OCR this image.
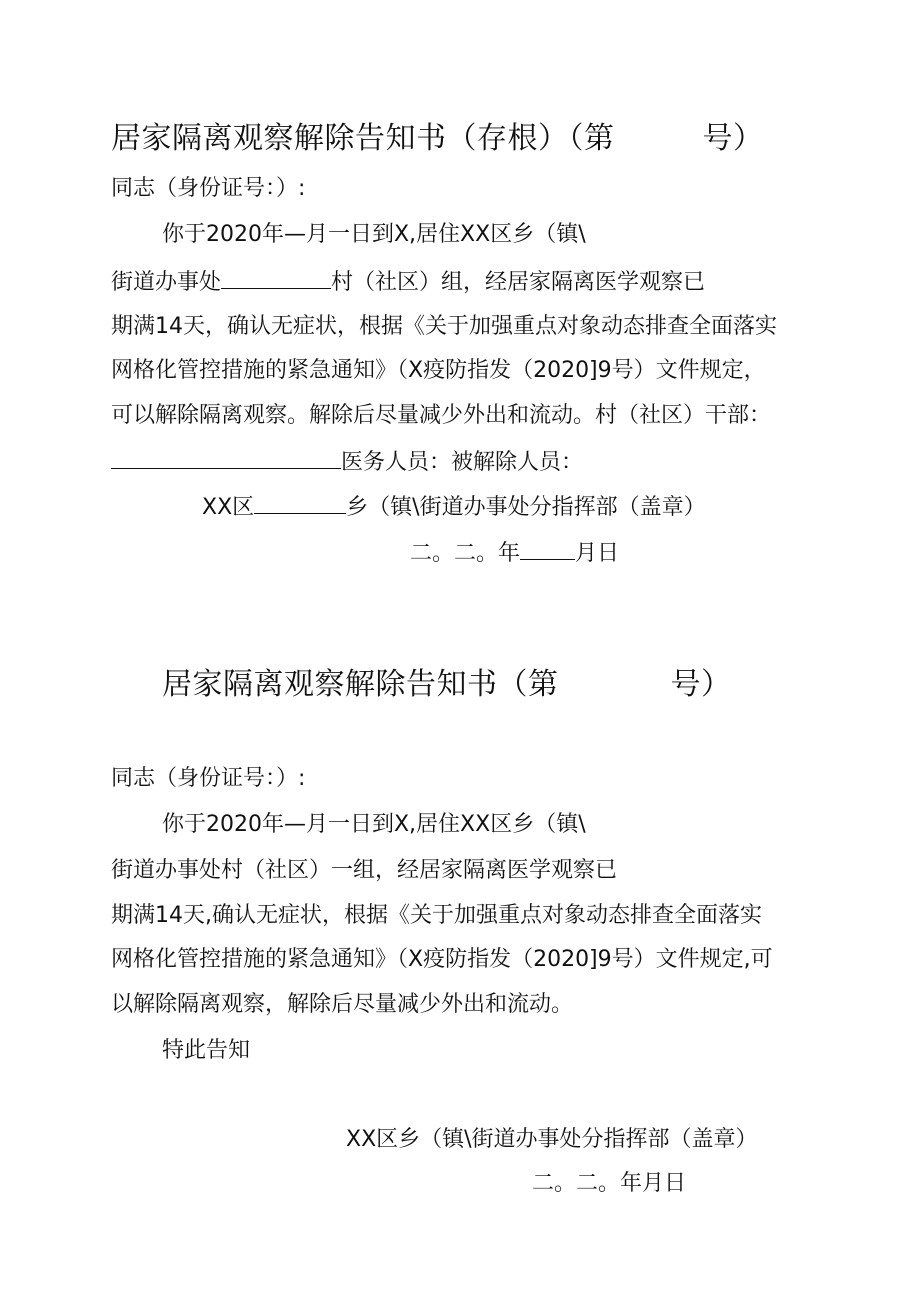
居家隔离观察解除告知书（存根）（第	号）

同志（身份证号：）:

你于2020年—月一日到X,居住XX区乡（镇\

街道办事处	村（社区）组，经居家隔离医学观察已

期满14天，确认无症状，根据《关于加强重点对象动态排查全面落实

网格化管控措施的紧急通知》（X疫防指发（2020]9号）文件规定，

可以解除隔离观察。解除后尽量减少外出和流动。村（社区）干部：

医务人员：被解除人员：

XX区	乡（镇\街道办事处分指挥部（盖章）

二。二。年	月日

居家隔离观察解除告知书（第	号）

同志（身份证号：）:

你于2020年—月一日到X,居住XX区乡（镇\

街道办事处村（社区）一组，经居家隔离医学观察已

期满14天,确认无症状，根据《关于加强重点对象动态排查全面落实

网格化管控措施的紧急通知》（X疫防指发（2020]9号）文件规定,可

以解除隔离观察，解除后尽量减少外出和流动。

特此告知

XX区乡（镇\街道办事处分指挥部（盖章）

二。二。年月日
